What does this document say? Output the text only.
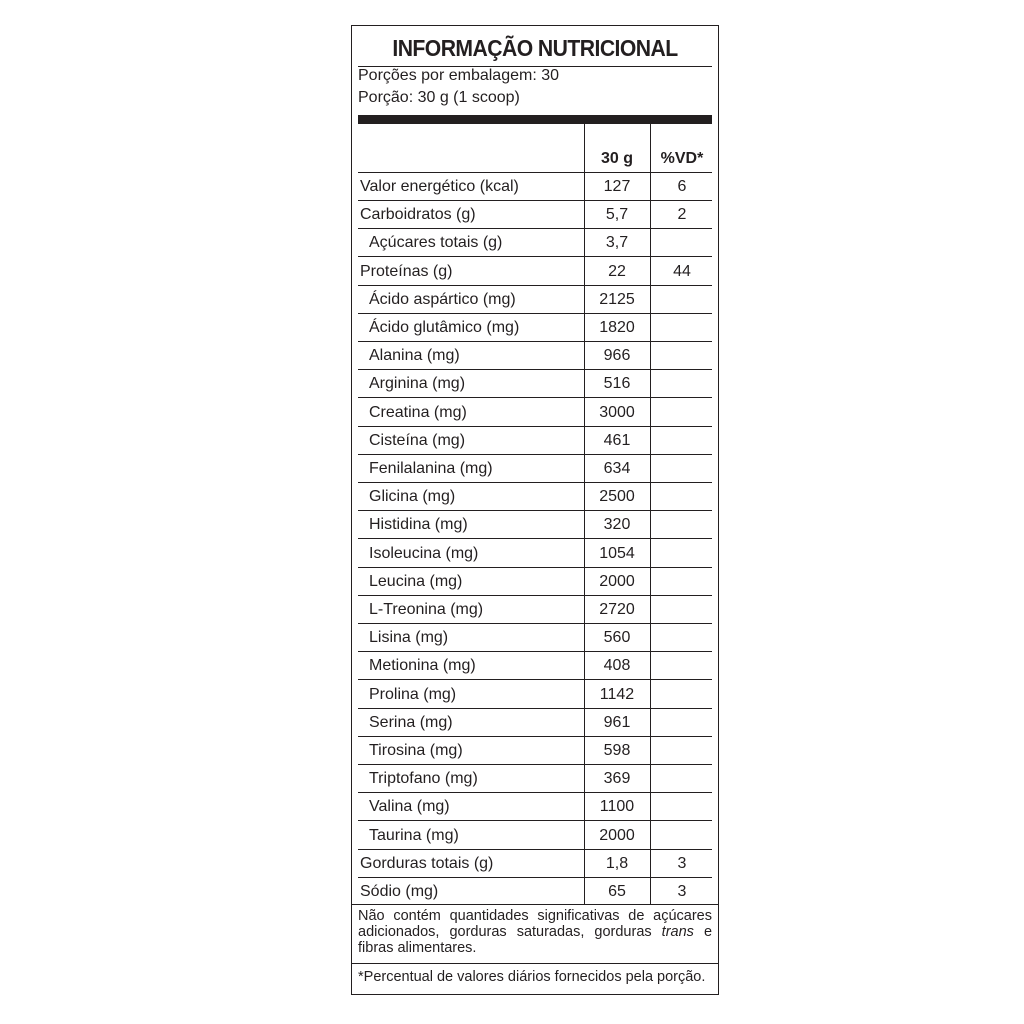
INFORMAÇÃO NUTRICIONAL
Porções por embalagem: 30
Porção: 30 g (1 scoop)
30 g	%VD*
Valor energético (kcal)	127	6
Carboidratos (g)	5,7	2
Açúcares totais (g)	3,7
Proteínas (g)	22	44
Ácido aspártico (mg)	2125
Ácido glutâmico (mg)	1820
Alanina (mg)	966
Arginina (mg)	516
Creatina (mg)	3000
Cisteína (mg)	461
Fenilalanina (mg)	634
Glicina (mg)	2500
Histidina (mg)	320
Isoleucina (mg)	1054
Leucina (mg)	2000
L-Treonina (mg)	2720
Lisina (mg)	560
Metionina (mg)	408
Prolina (mg)	1142
Serina (mg)	961
Tirosina (mg)	598
Triptofano (mg)	369
Valina (mg)	1100
Taurina (mg)	2000
Gorduras totais (g)	1,8	3
Sódio (mg)	65	3
Não contém quantidades significativas de açúcares adicionados, gorduras saturadas, gorduras trans e fibras alimentares.
*Percentual de valores diários fornecidos pela porção.
